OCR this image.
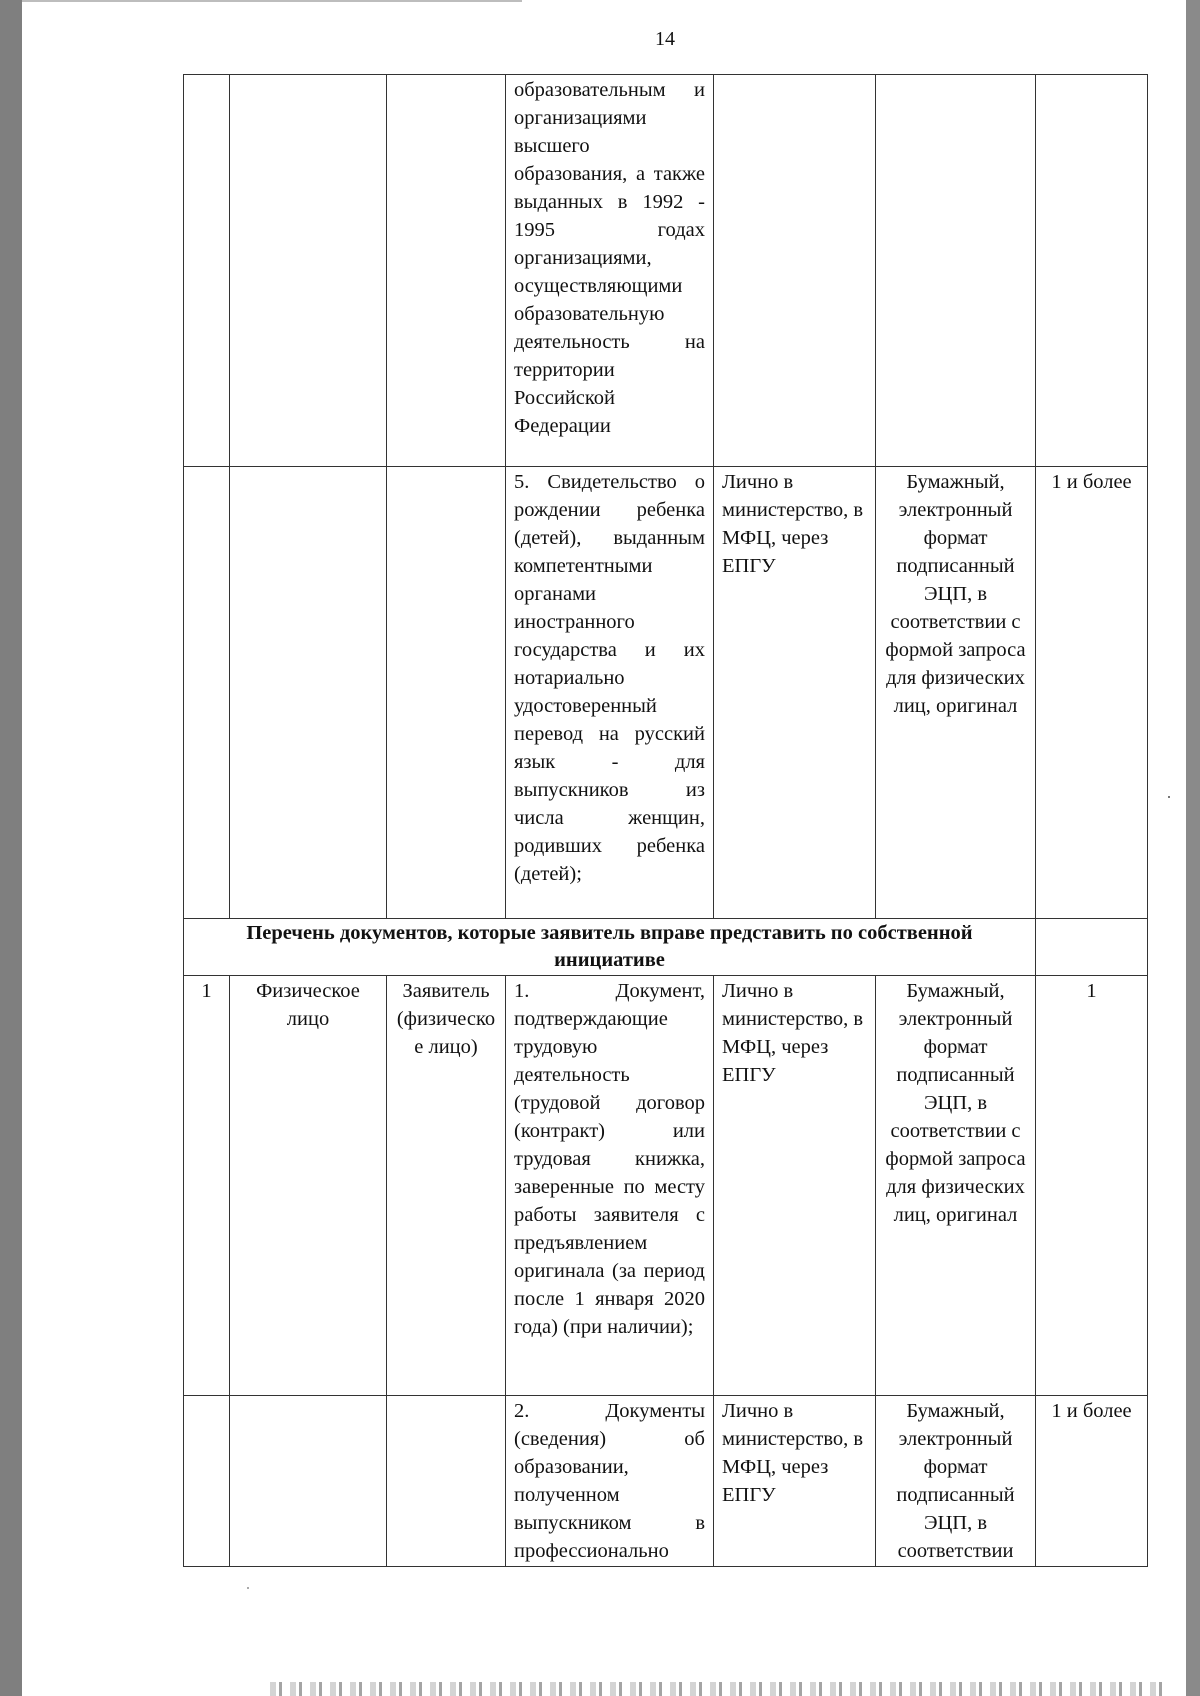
14
			образовательным и организациями высшего образования, а также выданных в 1992 - 1995 годах организациями, осуществляющими образовательную деятельность на территории Российской Федерации			
			5. Свидетельство о рождении ребенка (детей), выданным компетентными органами иностранного государства и их нотариально удостоверенный перевод на русский язык - для выпускников из числа женщин, родивших ребенка (детей);	Лично в министерство, в МФЦ, через ЕПГУ	Бумажный, электронный формат подписанный ЭЦП, в соответствии с формой запроса для физических лиц, оригинал	1 и более
Перечень документов, которые заявитель вправе представить по собственной инициативе						
1	Физическое лицо	Заявитель (физическое лицо)	1. Документ, подтверждающие трудовую деятельность (трудовой договор (контракт) или трудовая книжка, заверенные по месту работы заявителя с предъявлением оригинала (за период после 1 января 2020 года) (при наличии);	Лично в министерство, в МФЦ, через ЕПГУ	Бумажный, электронный формат подписанный ЭЦП, в соответствии с формой запроса для физических лиц, оригинал	1
			2. Документы (сведения) об образовании, полученном выпускником в профессионально	Лично в министерство, в МФЦ, через ЕПГУ	Бумажный, электронный формат подписанный ЭЦП, в соответствии	1 и более
